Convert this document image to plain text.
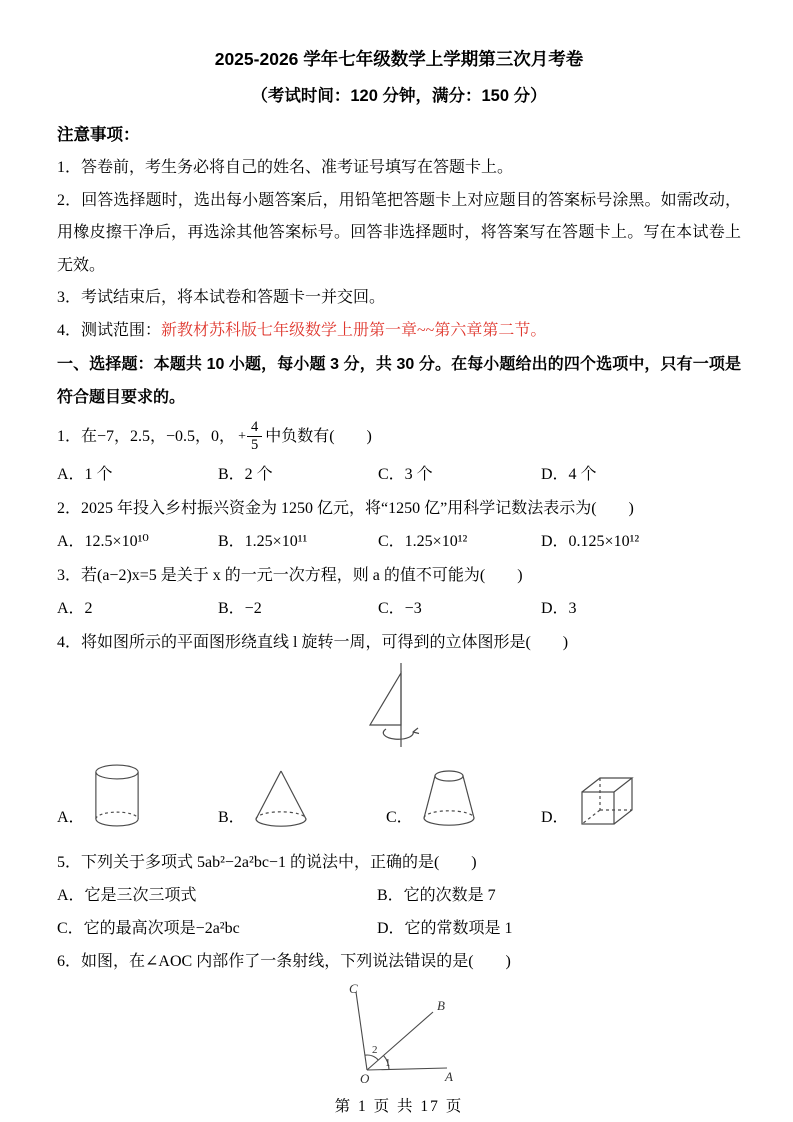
2025-2026 学年七年级数学上学期第三次月考卷
（考试时间：120 分钟，满分：150 分）
注意事项：

1．答卷前，考生务必将自己的姓名、准考证号填写在答题卡上。

2．回答选择题时，选出每小题答案后，用铅笔把答题卡上对应题目的答案标号涂黑。如需改动，用橡皮擦干净后，再选涂其他答案标号。回答非选择题时，将答案写在答题卡上。写在本试卷上无效。

3．考试结束后，将本试卷和答题卡一并交回。

4．测试范围：新教材苏科版七年级数学上册第一章~~第六章第二节。

一、选择题：本题共 10 小题，每小题 3 分，共 30 分。在每小题给出的四个选项中，只有一项是符合题目要求的。

1．在−7，2.5，−0.5，0， + $\frac{4}{5}$ 中负数有(　　)

A．1 个	B．2 个	C．3 个	D．4 个

2．2025 年投入乡村振兴资金为 1250 亿元，将“1250 亿”用科学记数法表示为(　　)

A．12.5×10¹⁰	B．1.25×10¹¹	C．1.25×10¹²	D．0.125×10¹²

3．若(a−2)x=5 是关于 x 的一元一次方程，则 a 的值不可能为(　　)

A．2	B．−2	C．−3	D．3

4．将如图所示的平面图形绕直线 l 旋转一周，可得到的立体图形是(　　)

A．	B．	C．	D．

5．下列关于多项式 5ab²−2a²bc−1 的说法中，正确的是(　　)

A．它是三次三项式	B．它的次数是 7
C．它的最高次项是−2a²bc	D．它的常数项是 1

6．如图，在∠AOC 内部作了一条射线，下列说法错误的是(　　)

O	A
B
C
1
2
第 1 页 共 17 页
